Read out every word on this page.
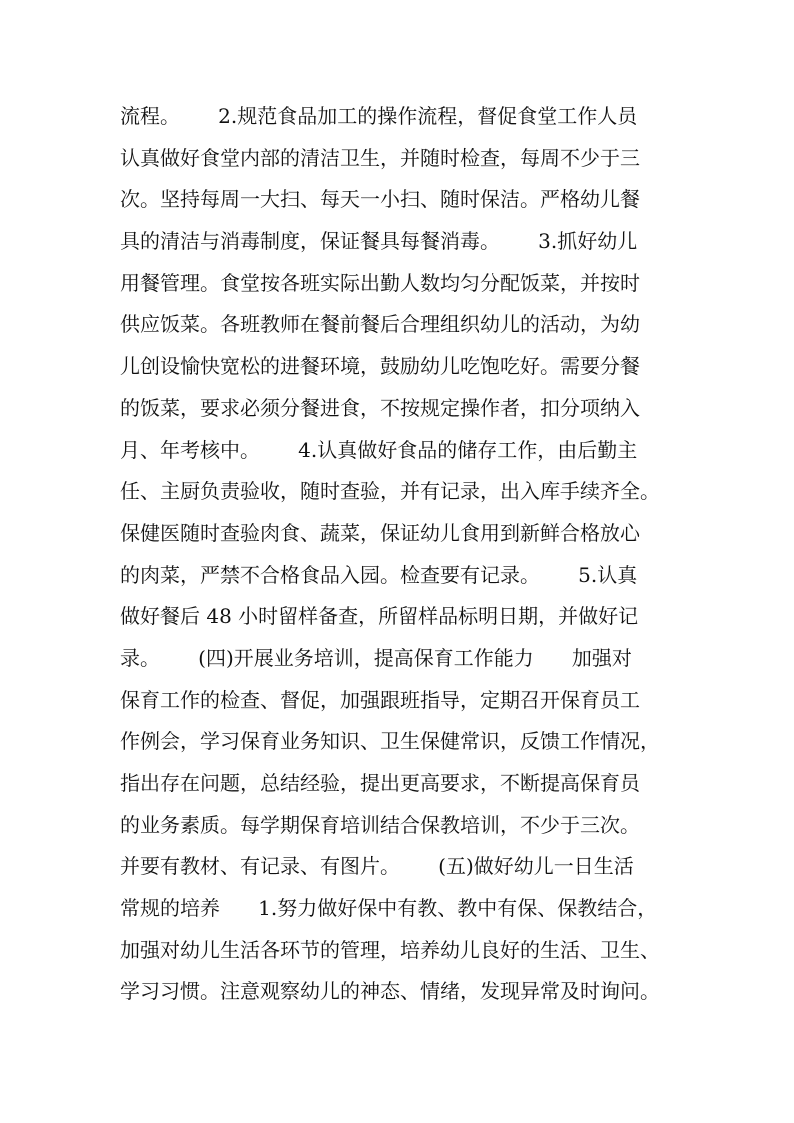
流程。      2.规范食品加工的操作流程，督促食堂工作人员
认真做好食堂内部的清洁卫生，并随时检查，每周不少于三
次。坚持每周一大扫、每天一小扫、随时保洁。严格幼儿餐
具的清洁与消毒制度，保证餐具每餐消毒。      3.抓好幼儿
用餐管理。食堂按各班实际出勤人数均匀分配饭菜，并按时
供应饭菜。各班教师在餐前餐后合理组织幼儿的活动，为幼
儿创设愉快宽松的进餐环境，鼓励幼儿吃饱吃好。需要分餐
的饭菜，要求必须分餐进食，不按规定操作者，扣分项纳入
月、年考核中。      4.认真做好食品的储存工作，由后勤主
任、主厨负责验收，随时查验，并有记录，出入库手续齐全。
保健医随时查验肉食、蔬菜，保证幼儿食用到新鲜合格放心
的肉菜，严禁不合格食品入园。检查要有记录。      5.认真
做好餐后 48 小时留样备查，所留样品标明日期，并做好记
录。      (四)开展业务培训，提高保育工作能力      加强对
保育工作的检查、督促，加强跟班指导，定期召开保育员工
作例会，学习保育业务知识、卫生保健常识，反馈工作情况，
指出存在问题，总结经验，提出更高要求，不断提高保育员
的业务素质。每学期保育培训结合保教培训，不少于三次。
并要有教材、有记录、有图片。      (五)做好幼儿一日生活
常规的培养      1.努力做好保中有教、教中有保、保教结合，
加强对幼儿生活各环节的管理，培养幼儿良好的生活、卫生、
学习习惯。注意观察幼儿的神态、情绪，发现异常及时询问。
